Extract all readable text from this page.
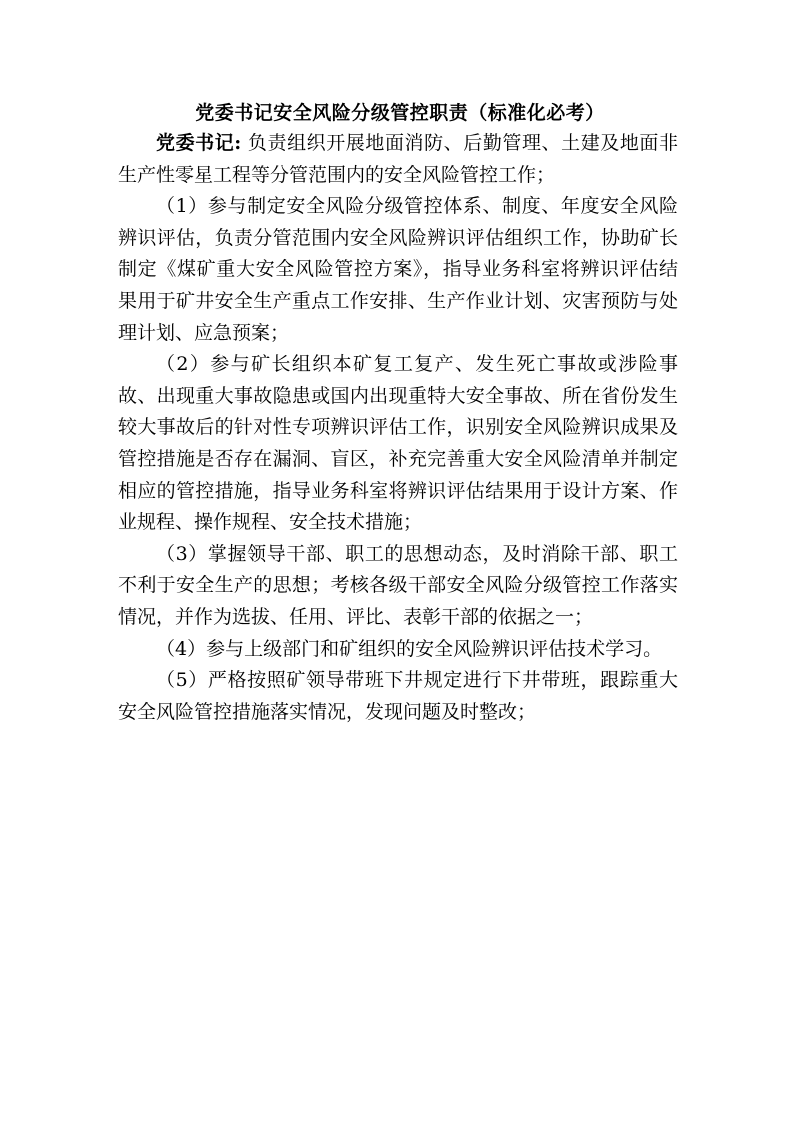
党委书记安全风险分级管控职责（标准化必考）

党委书记: 负责组织开展地面消防、后勤管理、土建及地面非生产性零星工程等分管范围内的安全风险管控工作；

（1）参与制定安全风险分级管控体系、制度、年度安全风险辨识评估，负责分管范围内安全风险辨识评估组织工作，协助矿长制定《煤矿重大安全风险管控方案》，指导业务科室将辨识评估结果用于矿井安全生产重点工作安排、生产作业计划、灾害预防与处理计划、应急预案；

（2）参与矿长组织本矿复工复产、发生死亡事故或涉险事故、出现重大事故隐患或国内出现重特大安全事故、所在省份发生较大事故后的针对性专项辨识评估工作，识别安全风险辨识成果及管控措施是否存在漏洞、盲区，补充完善重大安全风险清单并制定相应的管控措施，指导业务科室将辨识评估结果用于设计方案、作业规程、操作规程、安全技术措施；

（3）掌握领导干部、职工的思想动态，及时消除干部、职工不利于安全生产的思想；考核各级干部安全风险分级管控工作落实情况，并作为选拔、任用、评比、表彰干部的依据之一；

（4）参与上级部门和矿组织的安全风险辨识评估技术学习。

（5）严格按照矿领导带班下井规定进行下井带班，跟踪重大安全风险管控措施落实情况，发现问题及时整改；
